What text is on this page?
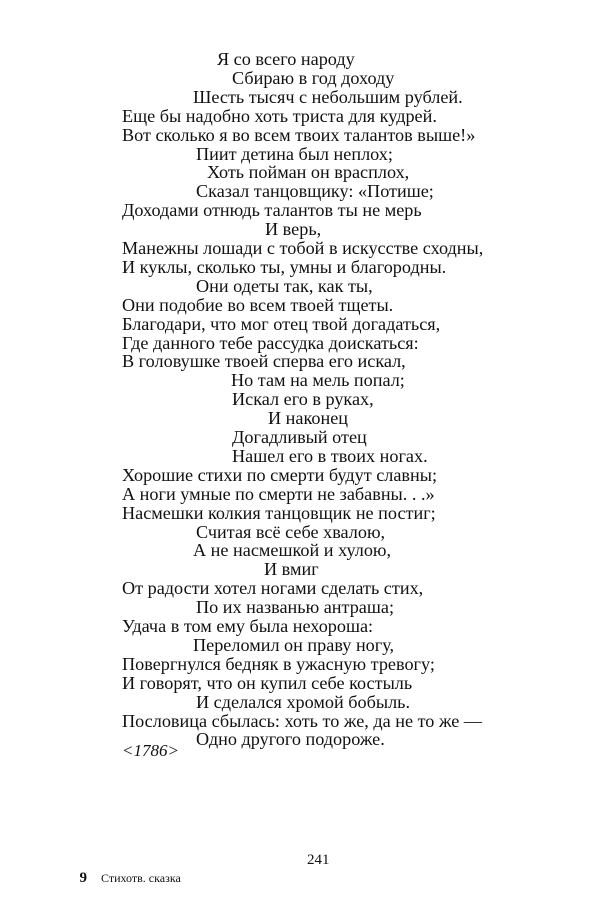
Я со всего народу
Сбираю в год доходу
Шесть тысяч с небольшим рублей.
Еще бы надобно хоть триста для кудрей.
Вот сколько я во всем твоих талантов выше!»
Пиит детина был неплох;
Хоть пойман он врасплох,
Сказал танцовщику: «Потише;
Доходами отнюдь талантов ты не мерь
И верь,
Манежны лошади с тобой в искусстве сходны,
И куклы, сколько ты, умны и благородны.
Они одеты так, как ты,
Они подобие во всем твоей тщеты.
Благодари, что мог отец твой догадаться,
Где данного тебе рассудка доискаться:
В головушке твоей сперва его искал,
Но там на мель попал;
Искал его в руках,
И наконец
Догадливый отец
Нашел его в твоих ногах.
Хорошие стихи по смерти будут славны;
А ноги умные по смерти не забавны. . .»
Насмешки колкия танцовщик не постиг;
Считая всё себе хвалою,
А не насмешкой и хулою,
И вмиг
От радости хотел ногами сделать стих,
По их названью антраша;
Удача в том ему была нехороша:
Переломил он праву ногу,
Повергнулся бедняк в ужасную тревогу;
И говорят, что он купил себе костыль
И сделался хромой бобыль.
Пословица сбылась: хоть то же, да не то же —
Одно другого подороже.
<1786>

9 Стихотв. сказка

241
